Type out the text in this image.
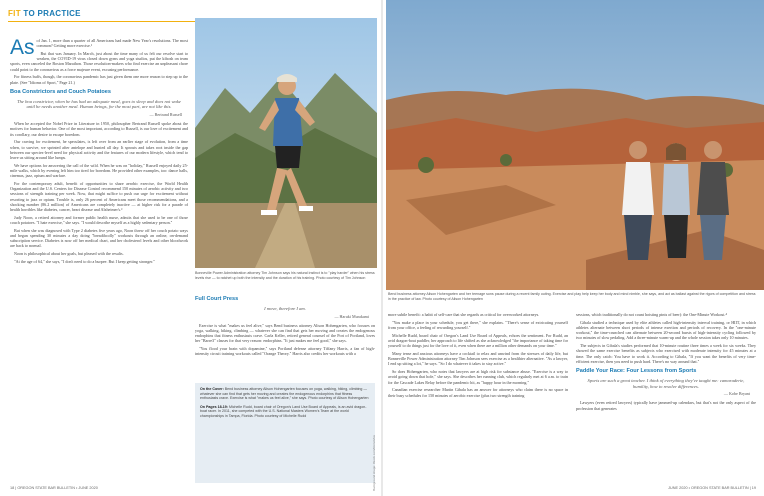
FIT TO PRACTICE
As of Jan. 1, more than a quarter of all Americans had made New Year's resolutions. The most common? Getting more exercise.¹

But that was January. In March, just about the time many of us felt our resolve start to weaken, the COVID-19 virus closed down gyms and yoga studios, put the kibosh on team sports, even canceled the Boston Marathon. Those resolution-makers who find exercise an unpleasant chore could point to the coronavirus as a force majeure event, excusing performance.

For fitness buffs, though, the coronavirus pandemic has just given them one more reason to step up to the plate. (See "Idioms of Sport," Page 21.)

Boa Constrictors and Couch Potatoes
The boa constrictor, when he has had an adequate meal, goes to sleep and does not wake until he needs another meal. Human beings, for the most part, are not like this.
— Bertrand Russell

When he accepted the Nobel Prize in Literature in 1950, philosopher Bertrand Russell spoke about the motives for human behavior. One of the most important, according to Russell, is our love of excitement and its corollary, our desire to escape boredom.

Our craving for excitement, he speculates, is left over from an earlier stage of evolution, from a time when, to survive, we sprinted after antelope and hunted all day. It sprouts and takes root inside the gap between our species-level need for physical activity and the features of our modern lifestyle, which tend to leave us sitting around like lumps.

We have options for answering the call of the wild. When he was on "holiday," Russell enjoyed daily 25-mile walks, which by evening left him too tired for boredom. He provided other examples, too: dance halls, cinemas, jazz, opium and warfare.

For the contemporary adult, benefit of opportunities to share aerobic exercise, the World Health Organization and the U.S. Centers for Disease Control recommend 150 minutes of aerobic activity and two sessions of strength training per week. Now, that might suffice to push our urge for excitement without resorting to jazz or opium. Trouble is, only 26 percent of Americans meet those recommendations, and a shocking number (86.2 million) of Americans are completely inactive — at higher risk for a parade of health horribles like diabetes, cancer, heart disease and Alzheimer's.³

Judy Noon, a retired attorney and former public health nurse, admits that she used to be one of those couch potatoes. "I hate exercise," she says. "I would describe myself as a highly sedentary person."

But when she was diagnosed with Type 2 diabetes five years ago, Noon threw off her couch potato ways and began spending 30 minutes a day doing "breadthcolly" workouts through an online, on-demand subscription service. Diabetes is now off her medical chart, and her cholesterol levels and other bloodwork are back to normal.

Noon is philosophical about her goals, but pleased with the results.

"At the age of 64," she says, "I don't need to do a burpee. But I keep getting stronger."

Bonneville Power Administration attorney Tim Johnson says his natural instinct is to "play harder" when his stress levels rise — to ratchet up both the intensity and the duration of his training. Photo courtesy of Tim Johnson
Full Court Press
I move, therefore I am.
— Haruki Murakami

Exercise is what "makes us feel alive," says Bend business attorney Alison Hohengarten, who focuses on yoga, walking, hiking, climbing — whatever she can find that gets her moving and creates the endogenous endorphins that fitness enthusiasts crave. Carla Keller, retired general counsel of the Port of Portland, loves her "Barre3" classes for that very reason: endorphins. "It just makes me feel good," she says.

"You flood your brain with dopamine," says Portland defense attorney Tiffany Harris, a fan of high-intensity circuit training workouts called "Orange Theory." Harris also credits her workouts with a

On the Cover: Bend business attorney Alison Hohengarten focuses on yoga, walking, hiking, climbing — whatever she can find that gets her moving and creates the endogenous endorphins that fitness enthusiasts crave. Exercise is what "makes us feel alive," she says. Photo courtesy of Alison Hohengarten

On Pages 18-19: Michelle Rudd, board chair of Oregon's Land Use Board of Appeals, is an avid dragon-boat racer. In 2011, she competed with the U.S. National Masters Women's Team at the world championships in Tampa, Florida. Photo courtesy of Michelle Rudd

Background image: iStock.com/RomoMos
18 | OREGON STATE BAR BULLETIN • JUNE 2020
Bend business attorney Alison Hohengarten and her teenage sons pause during a recent family outing. Exercise and play help keep her body and mind nimble, she says, and act as ballast against the rigors of competition and stress in the practice of law. Photo courtesy of Alison Hohengarten

more subtle benefit: a habit of self-care that she regards as critical for overworked attorneys.

"You make a place in your schedule, you get there," she explains. "There's sense of extricating yourself from your office, a feeling of rewarding yourself."

Michelle Rudd, board chair of Oregon's Land Use Board of Appeals, echoes the sentiment. For Rudd, an avid dragon-boat paddler, her approach to life shifted as she acknowledged "the importance of taking time for yourself to do things just for the love of it, even when there are a million other demands on your time."

Many tense and anxious attorneys have a cocktail to relax and unwind from the stresses of daily life, but Bonneville Power Administration attorney Tim Johnson sees exercise as a healthier alternative. "As a lawyer, I end up sitting a lot," he says. "So I do whatever it takes to stay active."

So does Hohengarten, who notes that lawyers are at high risk for substance abuse. "Exercise is a way to avoid going down that hole," she says. She describes her running club, which regularly met at 6 a.m. to train for the Cascade Lakes Relay before the pandemic hit, as "happy hour in the morning."

Canadian exercise researcher Martin Gibala has an answer for attorneys who claim there is no space in their busy schedules for 150 minutes of aerobic exercise (plus two strength training

sessions, which traditionally do not count hoisting pints of beer): the One-Minute Workout.⁴

Gibala studied a technique used by elite athletes called high-intensity interval training, or HIIT, in which athletes alternate between short periods of intense exertion and periods of recovery. In the "one-minute workout," the time-crunched can alternate between 20-second bursts of high-intensity cycling followed by two minutes of slow pedaling. Add a three-minute warm-up and the whole session takes only 10 minutes.

The subjects in Gibala's studies performed that 10-minute routine three times a week for six weeks. They showed the same exercise benefits as subjects who exercised with moderate intensity for 45 minutes at a time. The only catch: You have to work it. According to Gibala, "If you want the benefits of very time-efficient exercise, then you need to push hard. There's no way around that."

Paddle Your Race: Four Lessons from Sports
Sports are such a great teacher. I think of everything they've taught me: camaraderie, humility, how to resolve differences.
— Kobe Bryant

Lawyers (even retired lawyers) typically have jammed-up calendars, but that's not the only aspect of the profession that generates

JUNE 2020 • OREGON STATE BAR BULLETIN | 19
